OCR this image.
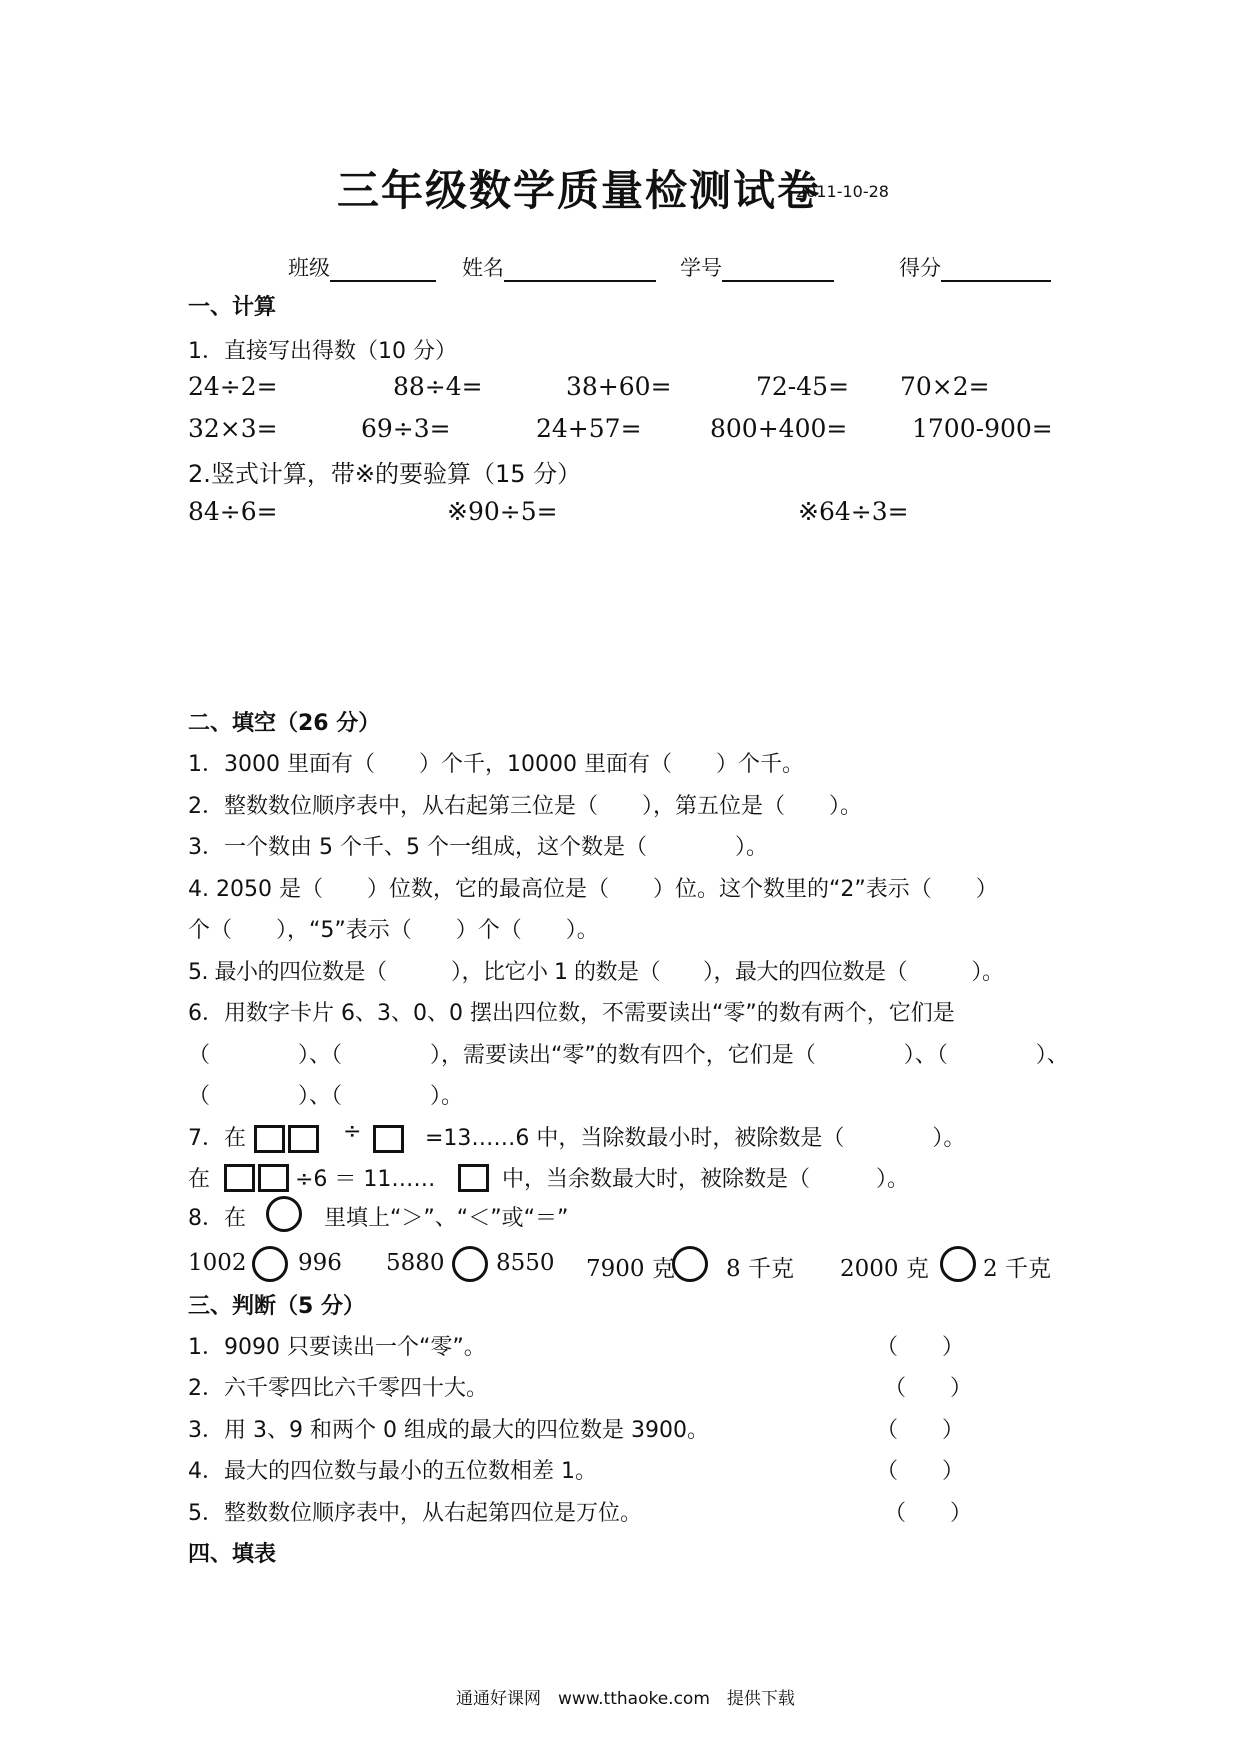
三年级数学质量检测试卷
2011-10-28
班级	姓名	学号	得分
一、计算
1．直接写出得数（10 分）
24÷2=	88÷4=	38+60=	72-45= 70×2=
32×3=	69÷3=	24+57=	800+400=	1700-900=
2.竖式计算，带※的要验算（15 分）
84÷6=	※90÷5=	※64÷3=
二、填空（26 分）
1．3000 里面有（　　）个千，10000 里面有（　　）个千。
2．整数数位顺序表中，从右起第三位是（　　），第五位是（　　）。
3．一个数由 5 个千、5 个一组成，这个数是（　　　　）。
4. 2050 是（　　）位数，它的最高位是（　　）位。这个数里的“2”表示（　　）
个（　　），“5”表示（　　）个（　　）。
5. 最小的四位数是（　　　），比它小 1 的数是（　　），最大的四位数是（　　　）。
6．用数字卡片 6、3、0、0 摆出四位数，不需要读出“零”的数有两个，它们是
（　　　　）、（　　　　），需要读出“零”的数有四个，它们是（　　　　）、（　　　　）、
（　　　　）、（　　　　）。
7．在	÷	=13……6 中，当除数最小时，被除数是（　　　　）。
在	÷6 ＝ 11……	中，当余数最大时，被除数是（　　　）。
8．在	里填上“＞”、“＜”或“＝”
1002 996 5880 8550 7900 克 8 千克 2000 克 2 千克
三、判断（5 分）
1．9090 只要读出一个“零”。	（　　）
2．六千零四比六千零四十大。	（　　）
3．用 3、9 和两个 0 组成的最大的四位数是 3900。	（　　）
4．最大的四位数与最小的五位数相差 1。	（　　）
5．整数数位顺序表中，从右起第四位是万位。	（　　）
四、填表
通通好课网　www.tthaoke.com　提供下载
